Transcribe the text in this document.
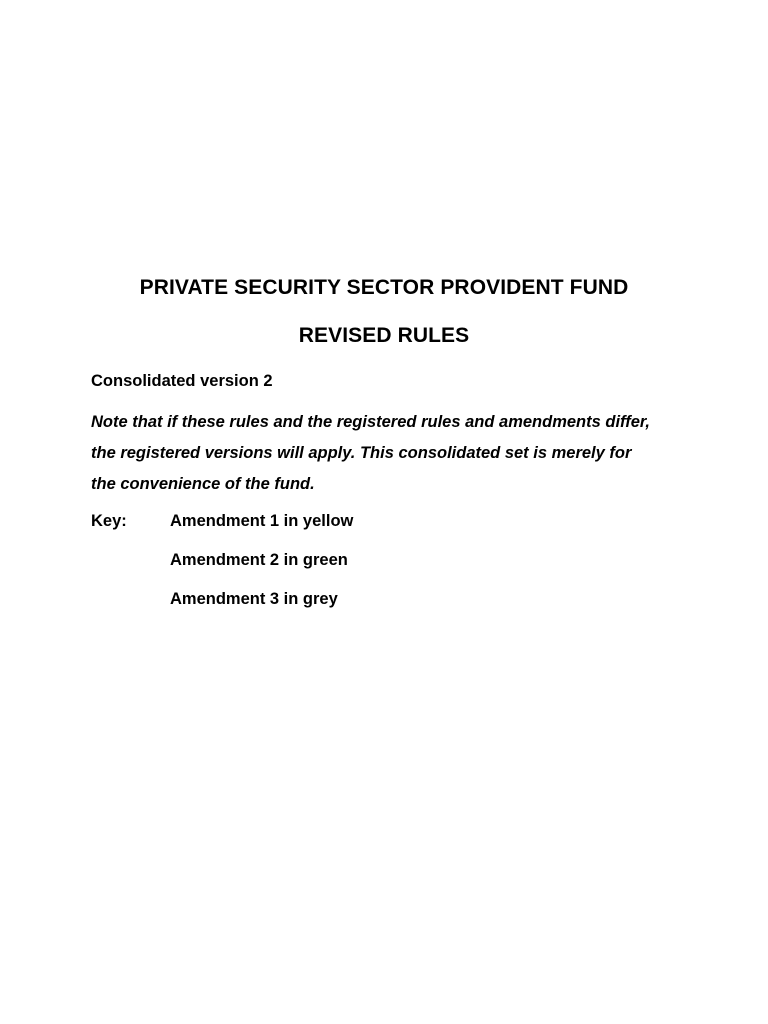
PRIVATE SECURITY SECTOR PROVIDENT FUND
REVISED RULES

Consolidated version 2

Note that if these rules and the registered rules and amendments differ, the registered versions will apply. This consolidated set is merely for the convenience of the fund.

Key:	Amendment 1 in yellow
Amendment 2 in green
Amendment 3 in grey
